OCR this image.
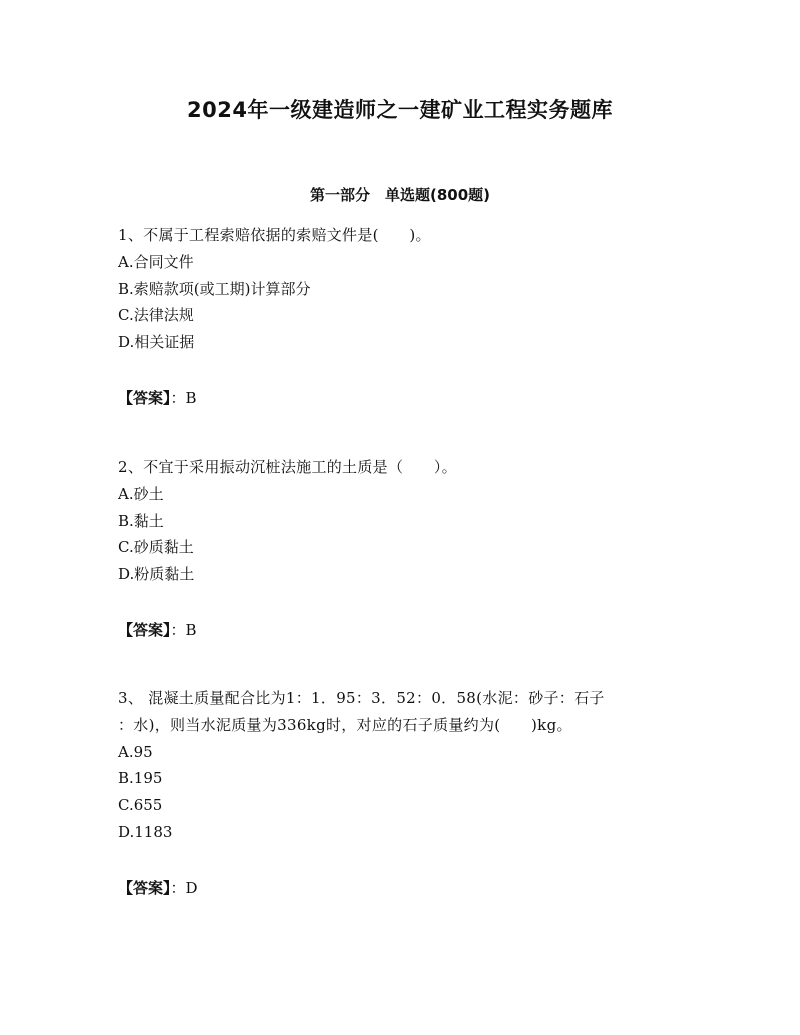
2024年一级建造师之一建矿业工程实务题库
第一部分　单选题(800题)
1、不属于工程索赔依据的索赔文件是(　　)。
A.合同文件
B.索赔款项(或工期)计算部分
C.法律法规
D.相关证据
【答案】：B
2、不宜于采用振动沉桩法施工的土质是（　　）。
A.砂土
B.黏土
C.砂质黏土
D.粉质黏土
【答案】：B
3、 混凝土质量配合比为1：1．95：3．52：0．58(水泥：砂子：石子
：水)，则当水泥质量为336kg时，对应的石子质量约为(　　)kg。
A.95
B.195
C.655
D.1183
【答案】：D
